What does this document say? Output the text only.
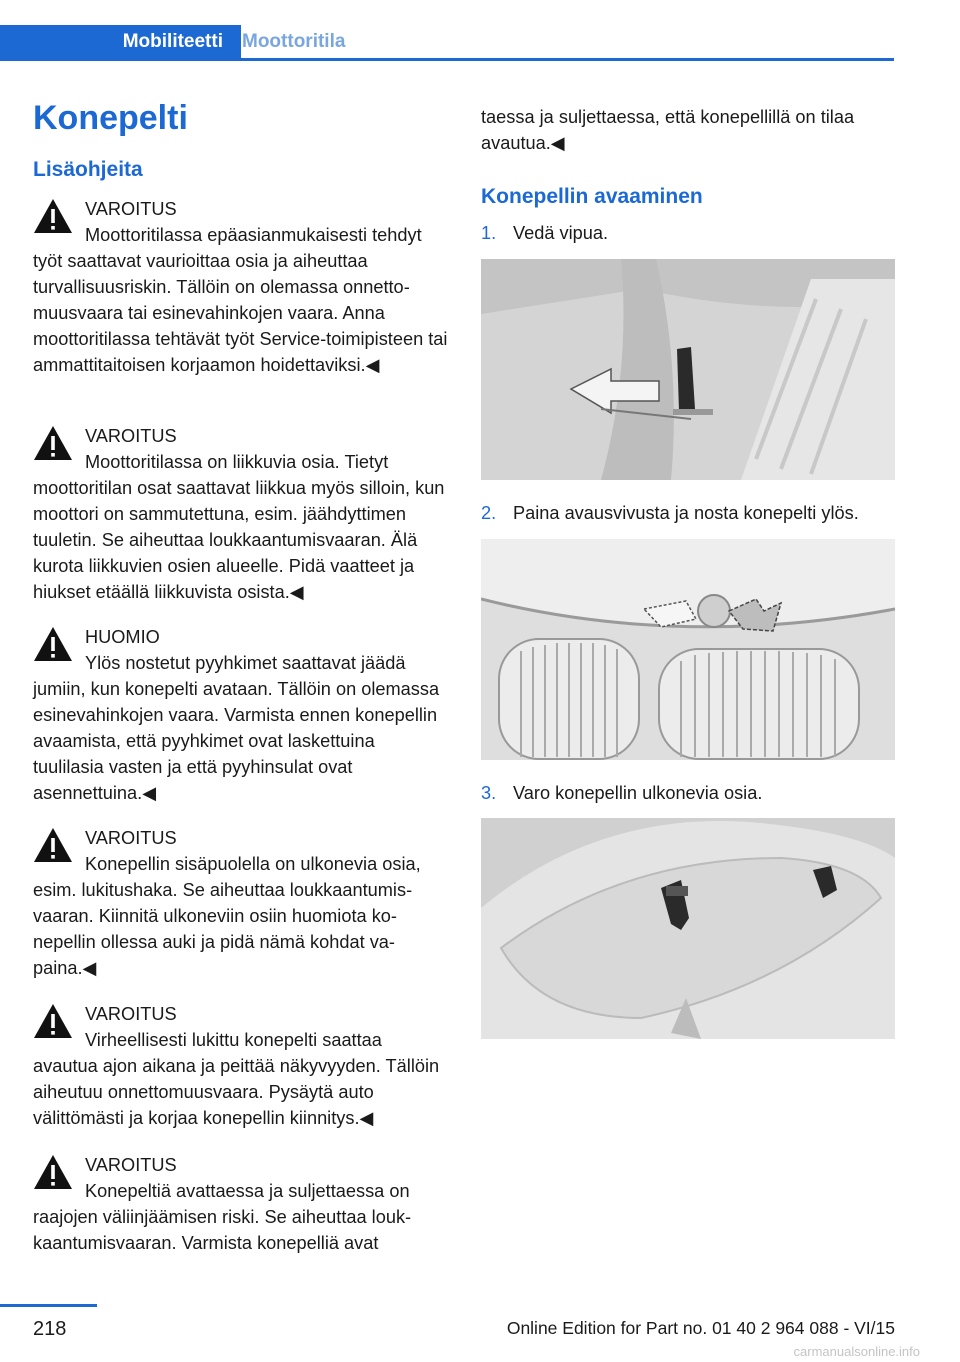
Mobiliteetti	Moottoritila
Konepelti
Lisäohjeita
VAROITUS
Moottoritilassa epäasianmukaisesti tehdyt työt saattavat vaurioittaa osia ja aiheuttaa turvallisuusriskin. Tällöin on olemassa onnettomuusvaara tai esinevahinkojen vaara. Anna moottoritilassa tehtävät työt Service-toimipisteen tai ammattitaitoisen korjaamon hoidettaviksi.◀
VAROITUS
Moottoritilassa on liikkuvia osia. Tietyt moottoritilan osat saattavat liikkua myös silloin, kun moottori on sammutettuna, esim. jäähdyttimen tuuletin. Se aiheuttaa loukkaantumisvaaran. Älä kurota liikkuvien osien alueelle. Pidä vaatteet ja hiukset etäällä liikkuvista osista.◀
HUOMIO
Ylös nostetut pyyhkimet saattavat jäädä jumiin, kun konepelti avataan. Tällöin on olemassa esinevahinkojen vaara. Varmista ennen konepellin avaamista, että pyyhkimet ovat laskettuina tuulilasia vasten ja että pyyhinsulat ovat asennettuina.◀
VAROITUS
Konepellin sisäpuolella on ulkonevia osia, esim. lukitushaka. Se aiheuttaa loukkaantumisvaaran. Kiinnitä ulkoneviin osiin huomiota konepellin ollessa auki ja pidä nämä kohdat vapaina.◀
VAROITUS
Virheellisesti lukittu konepelti saattaa avautua ajon aikana ja peittää näkyvyyden. Tällöin aiheutuu onnettomuusvaara. Pysäytä auto välittömästi ja korjaa konepellin kiinnitys.◀
VAROITUS
Konepeltiä avattaessa ja suljettaessa on raajojen väliinjäämisen riski. Se aiheuttaa loukkaantumisvaaran. Varmista konepelliä avat
taessa ja suljettaessa, että konepellillä on tilaa avautua.◀
Konepellin avaaminen
1. Vedä vipua.
2. Paina avausvivusta ja nosta konepelti ylös.
3. Varo konepellin ulkonevia osia.
218	Online Edition for Part no. 01 40 2 964 088 - VI/15
carmanualsonline.info
